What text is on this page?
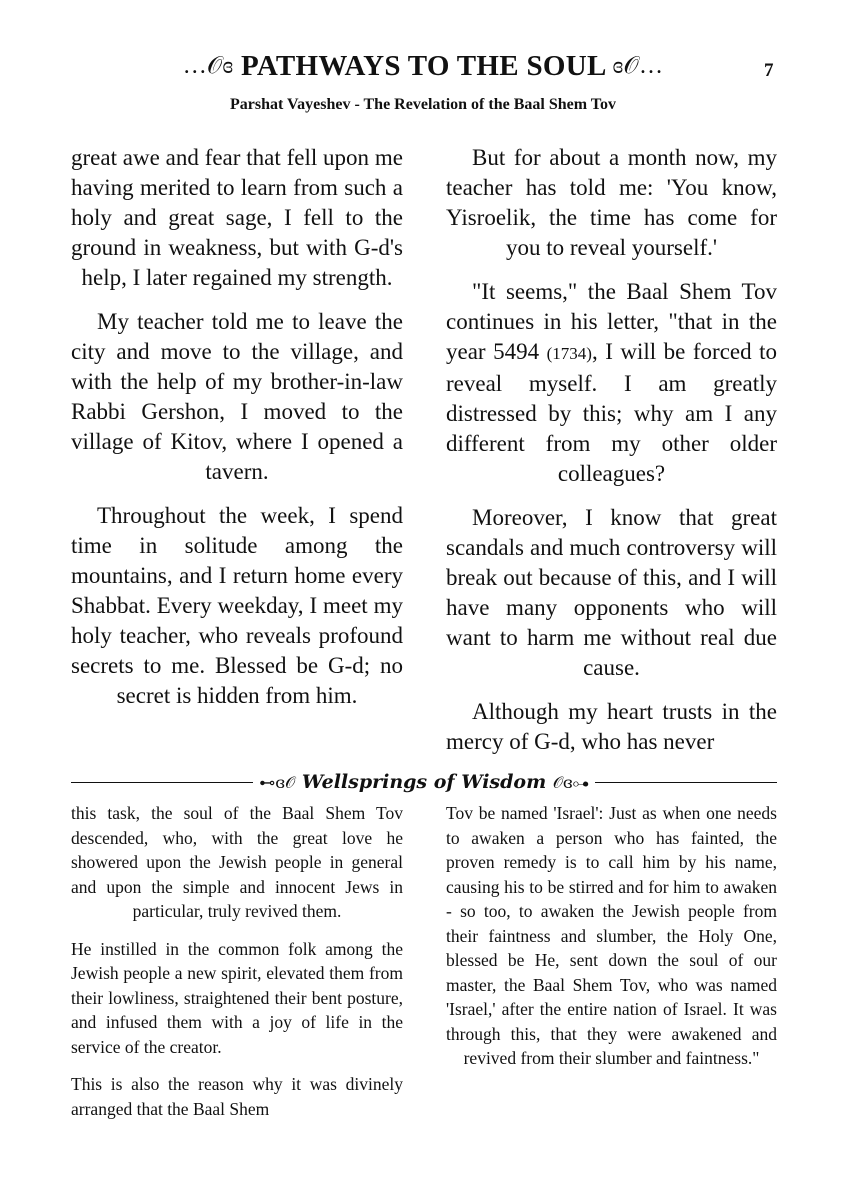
…𝒪ɞ PATHWAYS TO THE SOUL ɞ𝒪…	7
Parshat Vayeshev - The Revelation of the Baal Shem Tov

great awe and fear that fell upon me having merited to learn from such a holy and great sage, I fell to the ground in weakness, but with G-d's help, I later regained my strength.

My teacher told me to leave the city and move to the village, and with the help of my brother-in-law Rabbi Gershon, I moved to the village of Kitov, where I opened a tavern.

Throughout the week, I spend time in solitude among the mountains, and I return home every Shabbat. Every weekday, I meet my holy teacher, who reveals profound secrets to me. Blessed be G-d; no secret is hidden from him.

But for about a month now, my teacher has told me: 'You know, Yisroelik, the time has come for you to reveal yourself.'

"It seems," the Baal Shem Tov continues in his letter, "that in the year 5494 (1734), I will be forced to reveal myself. I am greatly distressed by this; why am I any different from my other older colleagues?

Moreover, I know that great scandals and much controversy will break out because of this, and I will have many opponents who will want to harm me without real due cause.

Although my heart trusts in the mercy of G-d, who has never

⊷ɞ𝒪 Wellsprings of Wisdom 𝒪ɞ⊶

this task, the soul of the Baal Shem Tov descended, who, with the great love he showered upon the Jewish people in general and upon the simple and innocent Jews in particular, truly revived them.

He instilled in the common folk among the Jewish people a new spirit, elevated them from their lowliness, straightened their bent posture, and infused them with a joy of life in the service of the creator.

This is also the reason why it was divinely arranged that the Baal Shem

Tov be named 'Israel': Just as when one needs to awaken a person who has fainted, the proven remedy is to call him by his name, causing his to be stirred and for him to awaken - so too, to awaken the Jewish people from their faintness and slumber, the Holy One, blessed be He, sent down the soul of our master, the Baal Shem Tov, who was named 'Israel,' after the entire nation of Israel. It was through this, that they were awakened and revived from their slumber and faintness."
